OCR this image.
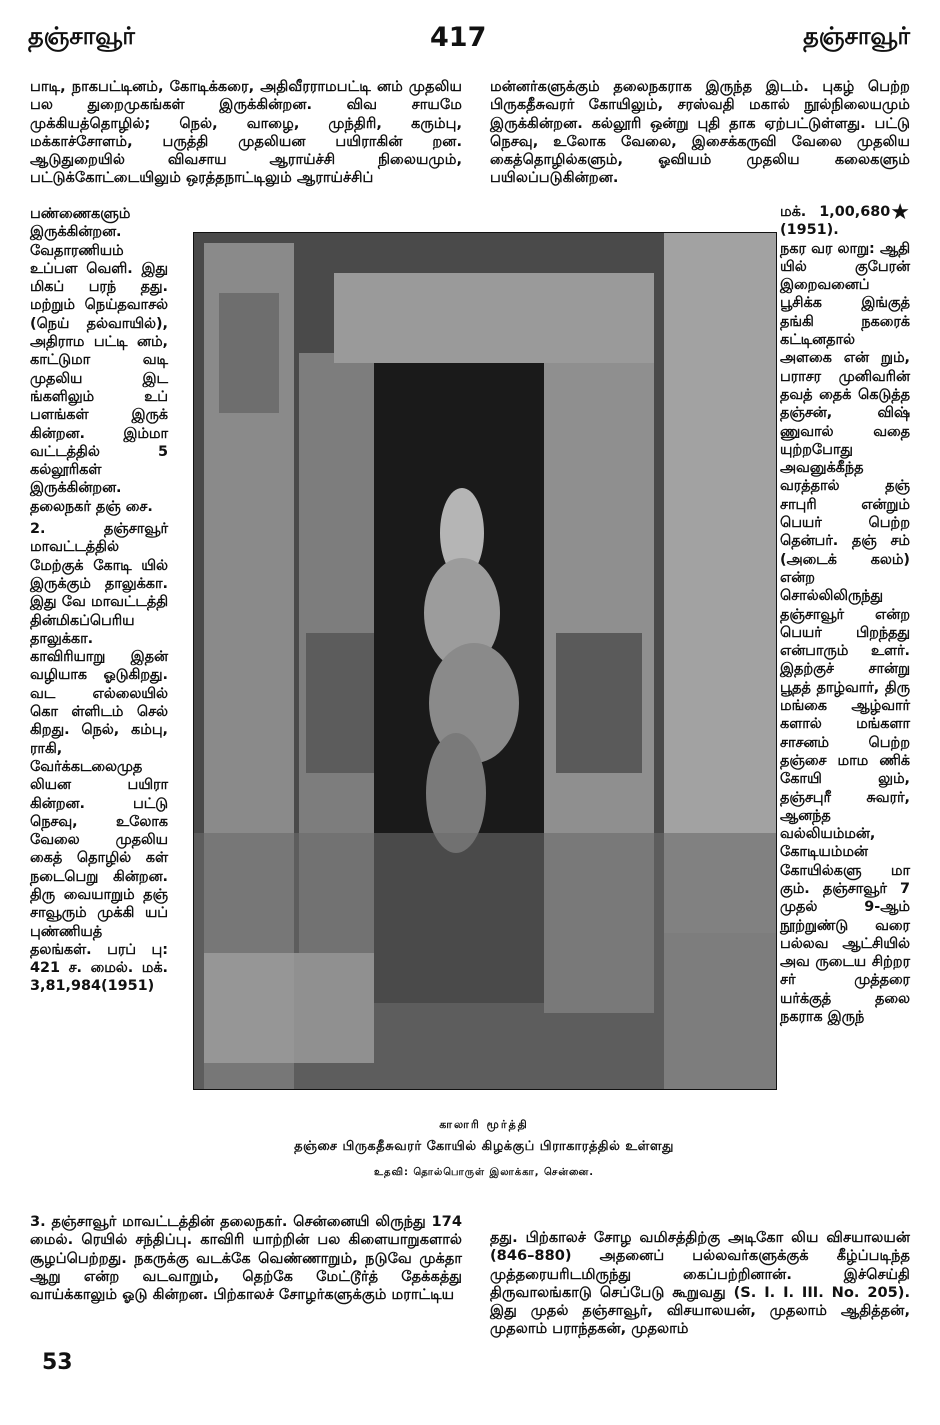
தஞ்சாவூர்	417	தஞ்சாவூர்

பாடி, நாகபட்டினம், கோடிக்கரை, அதிவீரராமபட்டி னம் முதலிய பல துறைமுகங்கள் இருக்கின்றன. விவ சாயமே முக்கியத்தொழில்; நெல், வாழை, முந்திரி, கரும்பு, மக்காச்சோளம், பருத்தி முதலியன பயிராகின் றன. ஆடுதுறையில் விவசாய ஆராய்ச்சி நிலையமும், பட்டுக்கோட்டையிலும் ஒரத்தநாட்டிலும் ஆராய்ச்சிப்

மன்னர்களுக்கும் தலைநகராக இருந்த இடம். புகழ் பெற்ற பிருகதீசுவரர் கோயிலும், சரஸ்வதி மகால் நூல்நிலையமும் இருக்கின்றன. கல்லூரி ஒன்று புதி தாக ஏற்பட்டுள்ளது. பட்டு நெசவு, உலோக வேலை, இசைக்கருவி வேலை முதலிய கைத்தொழில்களும், ஓவியம் முதலிய கலைகளும் பயிலப்படுகின்றன.

பண்ணைகளும் இருக்கின்றன. வேதாரணியம் உப்பள வெளி. இது மிகப் பரந் தது. மற்றும் நெய்தவாசல் (நெய் தல்வாயில்), அதிராம பட்டி னம், காட்டுமா வடி முதலிய இட ங்களிலும் உப் பளங்கள் இருக் கின்றன. இம்மா வட்டத்தில் 5 கல்லூரிகள் இருக்கின்றன. தலைநகர் தஞ் சை.

2. தஞ்சாவூர் மாவட்டத்தில் மேற்குக் கோடி யில் இருக்கும் தாலுக்கா. இது வே மாவட்டத்தி தின்மிகப்பெரிய தாலுக்கா. காவிரியாறு இதன் வழியாக ஓடுகிறது. வட எல்லையில் கொ ள்ளிடம் செல் கிறது. நெல், கம்பு, ராகி, வேர்க்கடலைமுத லியன பயிரா கின்றன. பட்டு நெசவு, உலோக வேலை முதலிய கைத் தொழில் கள் நடைபெறு கின்றன. திரு வையாறும் தஞ் சாவூரும் முக்கி யப் புண்ணியத் தலங்கள். பரப் பு: 421 ச. மைல். மக். 3,81,984(1951)

★

மக். 1,00,680 (1951).

நகர வர லாறு: ஆதி யில் குபேரன் இறைவனைப் பூசிக்க இங்குத் தங்கி நகரைக் கட்டினதால் அளகை என் றும், பராசர முனிவரின் தவத் தைக் கெடுத்த தஞ்சன், விஷ் ணுவால் வதை யுற்றபோது அவனுக்கீந்த வரத்தால் தஞ் சாபுரி என்றும் பெயர் பெற்ற தென்பர். தஞ் சம் (அடைக் கலம்) என்ற சொல்லிலிருந்து தஞ்சாவூர் என்ற பெயர் பிறந்தது என்பாரும் உளர். இதற்குச் சான்று பூதத் தாழ்வார், திரு மங்கை ஆழ்வார் களால் மங்களா சாசனம் பெற்ற தஞ்சை மாம ணிக் கோயி லும், தஞ்சபுரீ சுவரர், ஆனந்த வல்லியம்மன், கோடியம்மன் கோயில்களு மா கும். தஞ்சாவூர் 7 முதல் 9-ஆம் நூற்றுண்டு வரை பல்லவ ஆட்சியில் அவ ருடைய சிற்றர சர் முத்தரை யர்க்குத் தலை நகராக இருந்

காலாரி மூர்த்தி
தஞ்சை பிருகதீசுவரர் கோயில் கிழக்குப் பிராகாரத்தில் உள்ளது
உதவி: தொல்பொருள் இலாக்கா, சென்னை.

3. தஞ்சாவூர் மாவட்டத்தின் தலைநகர். சென்னையி லிருந்து 174 மைல். ரெயில் சந்திப்பு. காவிரி யாற்றின் பல கிளையாறுகளால் சூழப்பெற்றது. நகருக்கு வடக்கே வெண்ணாறும், நடுவே முக்தா ஆறு என்ற வடவாறும், தெற்கே மேட்டூர்த் தேக்கத்து வாய்க்காலும் ஓடு கின்றன. பிற்காலச் சோழர்களுக்கும் மராட்டிய

தது. பிற்காலச் சோழ வமிசத்திற்கு அடிகோ லிய விசயாலயன் (846–880) அதனைப் பல்லவர்களுக்குக் கீழ்ப்படிந்த முத்தரையரிடமிருந்து கைப்பற்றினான். இச்செய்தி திருவாலங்காடு செப்பேடு கூறுவது (S. I. I. III. No. 205). இது முதல் தஞ்சாவூர், விசயாலயன், முதலாம் ஆதித்தன், முதலாம் பராந்தகன், முதலாம்

53
